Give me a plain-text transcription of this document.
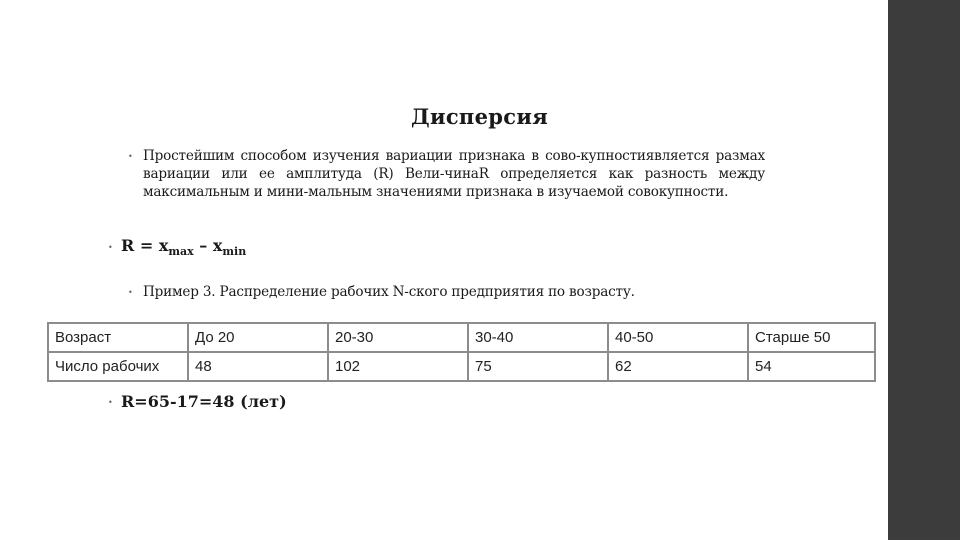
Дисперсия
• Простейшим способом изучения вариации признака в сово-купностиявляется размах вариации или ее амплитуда (R) Вели-чинаR определяется как разность между максимальным и мини-мальным значениями признака в изучаемой совокупности.
• $R = x_{max} - x_{min}$
• Пример 3. Распределение рабочих N-ского предприятия по возрасту.
Возраст	До 20	20-30	30-40	40-50	Старше 50
Число рабочих	48	102	75	62	54
• R=65-17=48 (лет)
